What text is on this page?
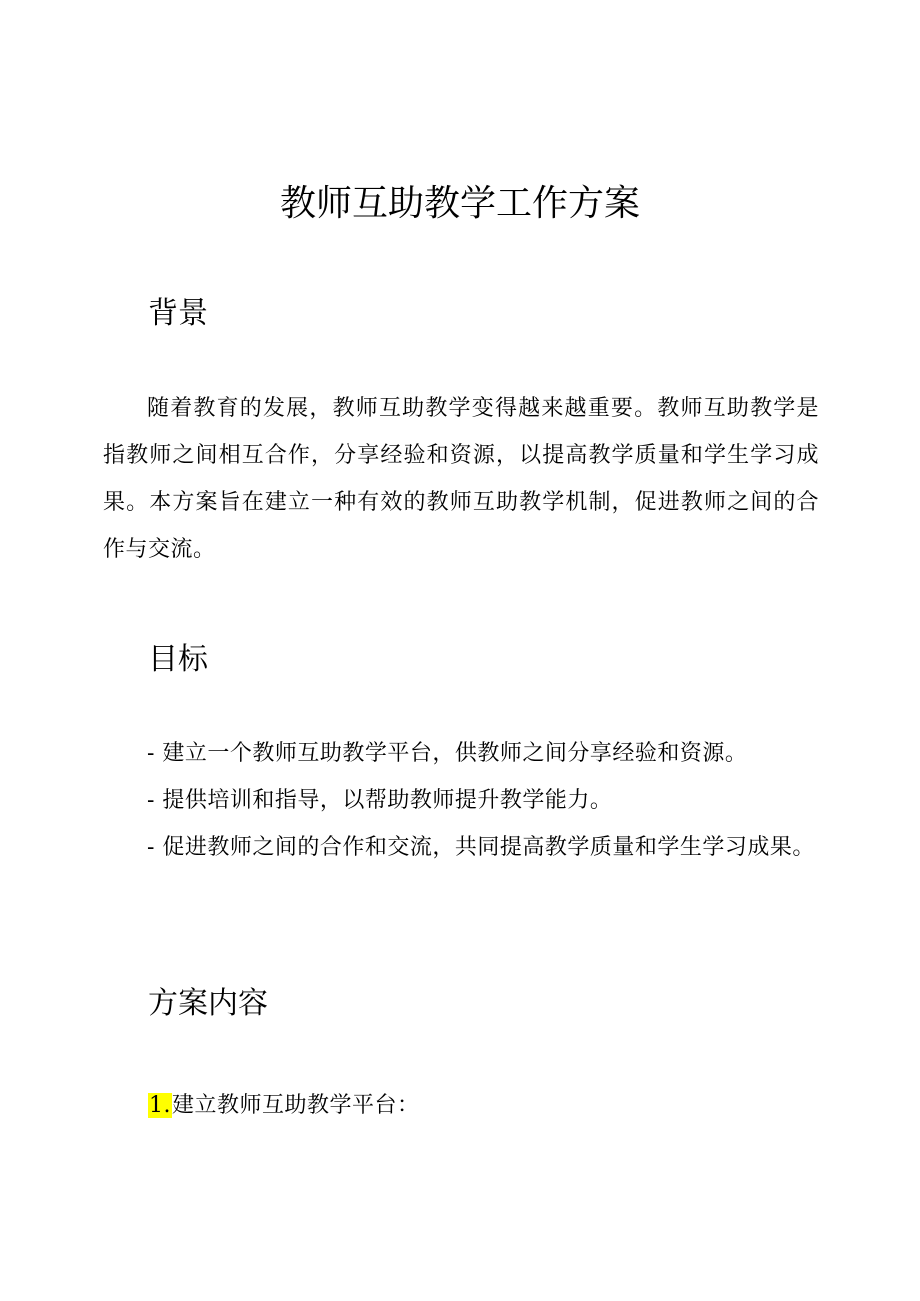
教师互助教学工作方案
背景

随着教育的发展，教师互助教学变得越来越重要。教师互助教学是指教师之间相互合作，分享经验和资源，以提高教学质量和学生学习成果。本方案旨在建立一种有效的教师互助教学机制，促进教师之间的合作与交流。

目标
- 建立一个教师互助教学平台，供教师之间分享经验和资源。
- 提供培训和指导，以帮助教师提升教学能力。
- 促进教师之间的合作和交流，共同提高教学质量和学生学习成果。
方案内容

1.建立教师互助教学平台：
